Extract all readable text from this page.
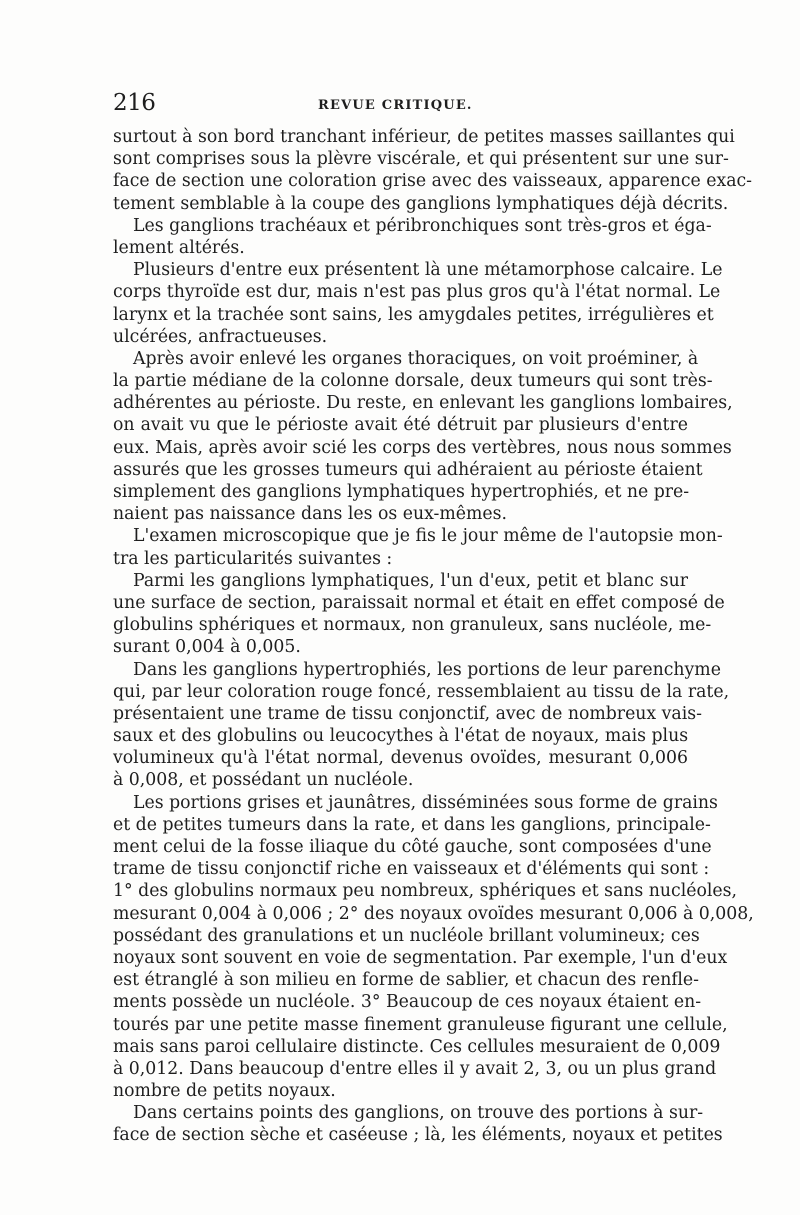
216	REVUE CRITIQUE.
surtout à son bord tranchant inférieur, de petites masses saillantes qui
sont comprises sous la plèvre viscérale, et qui présentent sur une sur-
face de section une coloration grise avec des vaisseaux, apparence exac-
tement semblable à la coupe des ganglions lymphatiques déjà décrits.
Les ganglions trachéaux et péribronchiques sont très-gros et éga-
lement altérés.
Plusieurs d'entre eux présentent là une métamorphose calcaire. Le
corps thyroïde est dur, mais n'est pas plus gros qu'à l'état normal. Le
larynx et la trachée sont sains, les amygdales petites, irrégulières et
ulcérées, anfractueuses.
Après avoir enlevé les organes thoraciques, on voit proéminer, à
la partie médiane de la colonne dorsale, deux tumeurs qui sont très-
adhérentes au périoste. Du reste, en enlevant les ganglions lombaires,
on avait vu que le périoste avait été détruit par plusieurs d'entre
eux. Mais, après avoir scié les corps des vertèbres, nous nous sommes
assurés que les grosses tumeurs qui adhéraient au périoste étaient
simplement des ganglions lymphatiques hypertrophiés, et ne pre-
naient pas naissance dans les os eux-mêmes.
L'examen microscopique que je fis le jour même de l'autopsie mon-
tra les particularités suivantes :
Parmi les ganglions lymphatiques, l'un d'eux, petit et blanc sur
une surface de section, paraissait normal et était en effet composé de
globulins sphériques et normaux, non granuleux, sans nucléole, me-
surant 0,004 à 0,005.
Dans les ganglions hypertrophiés, les portions de leur parenchyme
qui, par leur coloration rouge foncé, ressemblaient au tissu de la rate,
présentaient une trame de tissu conjonctif, avec de nombreux vais-
saux et des globulins ou leucocythes à l'état de noyaux, mais plus
volumineux qu'à l'état normal, devenus ovoïdes, mesurant 0,006
à 0,008, et possédant un nucléole.
Les portions grises et jaunâtres, disséminées sous forme de grains
et de petites tumeurs dans la rate, et dans les ganglions, principale-
ment celui de la fosse iliaque du côté gauche, sont composées d'une
trame de tissu conjonctif riche en vaisseaux et d'éléments qui sont :
1° des globulins normaux peu nombreux, sphériques et sans nucléoles,
mesurant 0,004 à 0,006 ; 2° des noyaux ovoïdes mesurant 0,006 à 0,008,
possédant des granulations et un nucléole brillant volumineux; ces
noyaux sont souvent en voie de segmentation. Par exemple, l'un d'eux
est étranglé à son milieu en forme de sablier, et chacun des renfle-
ments possède un nucléole. 3° Beaucoup de ces noyaux étaient en-
tourés par une petite masse finement granuleuse figurant une cellule,
mais sans paroi cellulaire distincte. Ces cellules mesuraient de 0,009
à 0,012. Dans beaucoup d'entre elles il y avait 2, 3, ou un plus grand
nombre de petits noyaux.
Dans certains points des ganglions, on trouve des portions à sur-
face de section sèche et caséeuse ; là, les éléments, noyaux et petites
